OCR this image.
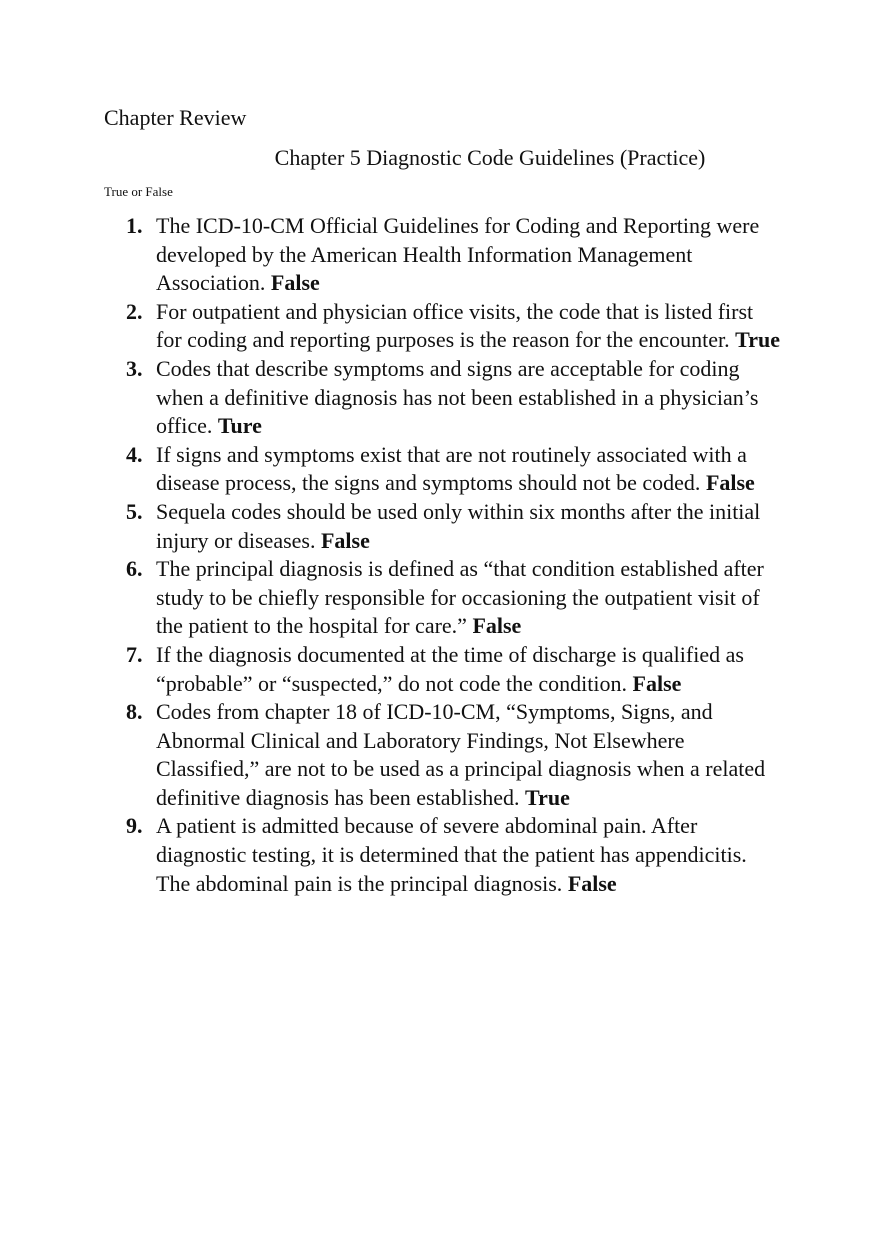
Chapter Review
Chapter 5 Diagnostic Code Guidelines (Practice)

True or False

1. The ICD-10-CM Official Guidelines for Coding and Reporting were developed by the American Health Information Management Association. False
2. For outpatient and physician office visits, the code that is listed first for coding and reporting purposes is the reason for the encounter. True
3. Codes that describe symptoms and signs are acceptable for coding when a definitive diagnosis has not been established in a physician’s office. Ture
4. If signs and symptoms exist that are not routinely associated with a disease process, the signs and symptoms should not be coded. False
5. Sequela codes should be used only within six months after the initial injury or diseases. False
6. The principal diagnosis is defined as “that condition established after study to be chiefly responsible for occasioning the outpatient visit of the patient to the hospital for care.” False
7. If the diagnosis documented at the time of discharge is qualified as “probable” or “suspected,” do not code the condition. False
8. Codes from chapter 18 of ICD-10-CM, “Symptoms, Signs, and Abnormal Clinical and Laboratory Findings, Not Elsewhere Classified,” are not to be used as a principal diagnosis when a related definitive diagnosis has been established. True
9. A patient is admitted because of severe abdominal pain. After diagnostic testing, it is determined that the patient has appendicitis. The abdominal pain is the principal diagnosis. False
